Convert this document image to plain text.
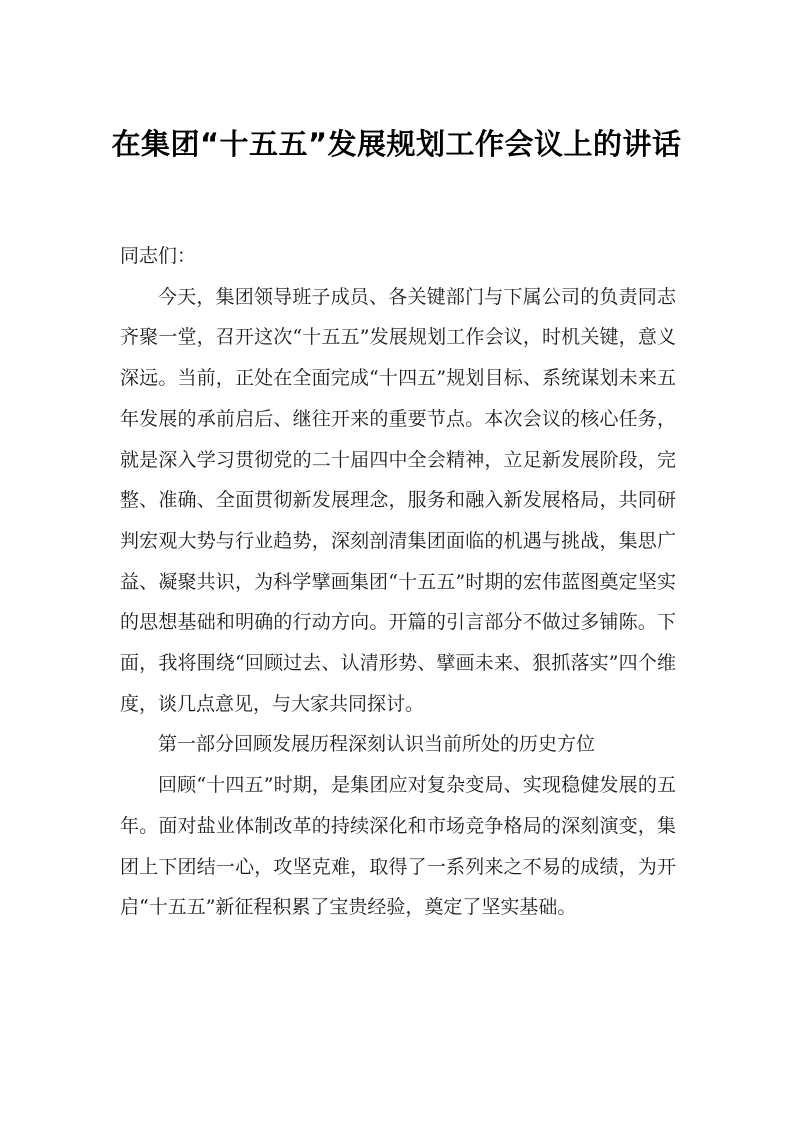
在集团“十五五”发展规划工作会议上的讲话

同志们：

今天，集团领导班子成员、各关键部门与下属公司的负责同志齐聚一堂，召开这次“十五五”发展规划工作会议，时机关键，意义深远。当前，正处在全面完成“十四五”规划目标、系统谋划未来五年发展的承前启后、继往开来的重要节点。本次会议的核心任务，就是深入学习贯彻党的二十届四中全会精神，立足新发展阶段，完整、准确、全面贯彻新发展理念，服务和融入新发展格局，共同研判宏观大势与行业趋势，深刻剖清集团面临的机遇与挑战，集思广益、凝聚共识，为科学擘画集团“十五五”时期的宏伟蓝图奠定坚实的思想基础和明确的行动方向。开篇的引言部分不做过多铺陈。下面，我将围绕“回顾过去、认清形势、擘画未来、狠抓落实”四个维度，谈几点意见，与大家共同探讨。

第一部分回顾发展历程深刻认识当前所处的历史方位

回顾“十四五”时期，是集团应对复杂变局、实现稳健发展的五年。面对盐业体制改革的持续深化和市场竞争格局的深刻演变，集团上下团结一心，攻坚克难，取得了一系列来之不易的成绩，为开启“十五五”新征程积累了宝贵经验，奠定了坚实基础。
